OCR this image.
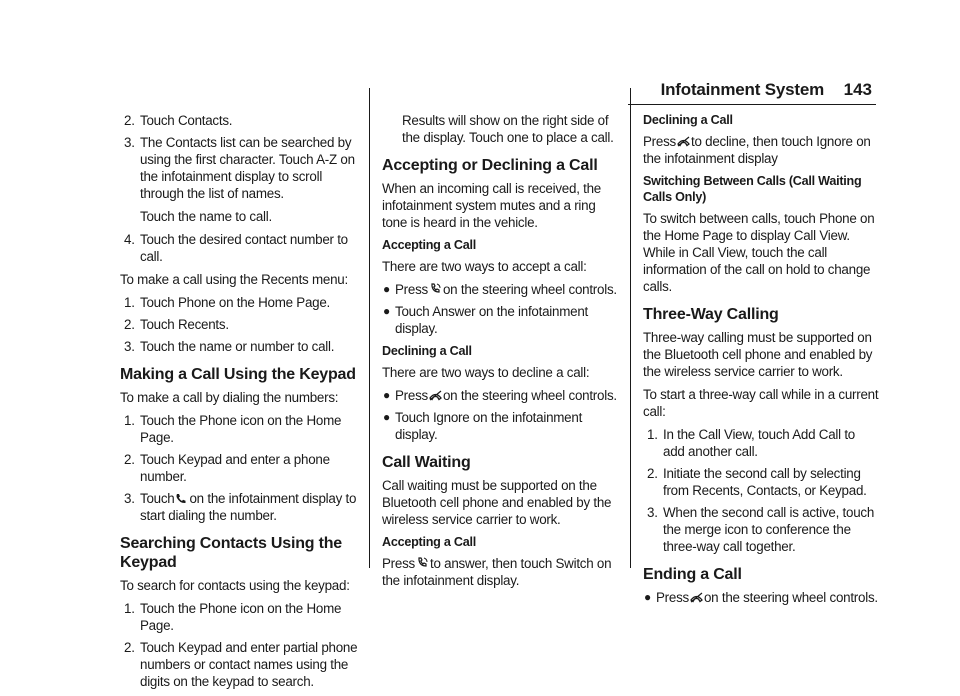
Infotainment System 143
2. Touch Contacts.
3. The Contacts list can be searched by using the first character. Touch A-Z on the infotainment display to scroll through the list of names.
Touch the name to call.
4. Touch the desired contact number to call.

To make a call using the Recents menu:

1. Touch Phone on the Home Page.
2. Touch Recents.
3. Touch the name or number to call.
Making a Call Using the Keypad

To make a call by dialing the numbers:

1. Touch the Phone icon on the Home Page.
2. Touch Keypad and enter a phone number.
3. Touch on the infotainment display to start dialing the number.
Searching Contacts Using the Keypad

To search for contacts using the keypad:

1. Touch the Phone icon on the Home Page.
2. Touch Keypad and enter partial phone numbers or contact names using the digits on the keypad to search.
Results will show on the right side of the display. Touch one to place a call.
Accepting or Declining a Call

When an incoming call is received, the infotainment system mutes and a ring tone is heard in the vehicle.

Accepting a Call

There are two ways to accept a call:

● Press on the steering wheel controls.
● Touch Answer on the infotainment display.
Declining a Call

There are two ways to decline a call:

● Press on the steering wheel controls.
● Touch Ignore on the infotainment display.
Call Waiting

Call waiting must be supported on the Bluetooth cell phone and enabled by the wireless service carrier to work.

Accepting a Call

Press to answer, then touch Switch on the infotainment display.

Declining a Call

Press to decline, then touch Ignore on the infotainment display

Switching Between Calls (Call Waiting Calls Only)

To switch between calls, touch Phone on the Home Page to display Call View. While in Call View, touch the call information of the call on hold to change calls.

Three-Way Calling

Three-way calling must be supported on the Bluetooth cell phone and enabled by the wireless service carrier to work.

To start a three-way call while in a current call:

1. In the Call View, touch Add Call to add another call.
2. Initiate the second call by selecting from Recents, Contacts, or Keypad.
3. When the second call is active, touch the merge icon to conference the three-way call together.
Ending a Call
● Press on the steering wheel controls.
